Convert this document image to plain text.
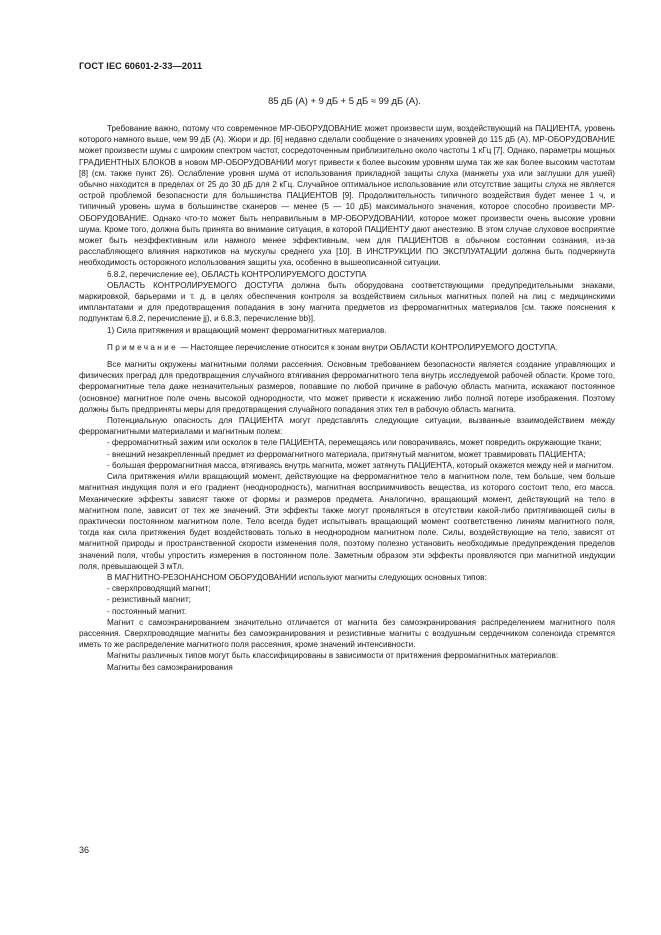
ГОСТ IEC 60601-2-33—2011
85 дБ (A) + 9 дБ + 5 дБ ≈ 99 дБ (A).

Требование важно, потому что современное МР-ОБОРУДОВАНИЕ может произвести шум, воздействующий на ПАЦИЕНТА, уровень которого намного выше, чем 99 дБ (А). Жюри и др. [6] недавно сделали сообщение о значениях уровней до 115 дБ (А). МР-ОБОРУДОВАНИЕ может произвести шумы с широким спектром частот, сосредоточенным приблизительно около частоты 1 кГц [7]. Однако, параметры мощных ГРАДИЕНТНЫХ БЛОКОВ в новом МР-ОБОРУДОВАНИИ могут привести к более высоким уровням шума так же как более высоким частотам [8] (см. также пункт 26). Ослабление уровня шума от использования прикладной защиты слуха (манжеты уха или заглушки для ушей) обычно находится в пределах от 25 до 30 дБ для 2 кГц. Случайное оптимальное использование или отсутствие защиты слуха не является острой проблемой безопасности для большинства ПАЦИЕНТОВ [9]. Продолжительность типичного воздействия будет менее 1 ч, и типичный уровень шума в большинстве сканеров — менее (5 — 10 дБ) максимального значения, которое способно произвести МР-ОБОРУДОВАНИЕ. Однако что-то может быть неправильным в МР-ОБОРУДОВАНИИ, которое может произвести очень высокие уровни шума. Кроме того, должна быть принята во внимание ситуация, в которой ПАЦИЕНТУ дают анестезию. В этом случае слуховое восприятие может быть неэффективным или намного менее эффективным, чем для ПАЦИЕНТОВ в обычном состоянии сознания, из-за расслабляющего влияния наркотиков на мускулы среднего уха [10]. В ИНСТРУКЦИИ ПО ЭКСПЛУАТАЦИИ должна быть подчеркнута необходимость осторожного использования защиты уха, особенно в вышеописанной ситуации.

6.8.2, перечисление ее), ОБЛАСТЬ КОНТРОЛИРУЕМОГО ДОСТУПА

ОБЛАСТЬ КОНТРОЛИРУЕМОГО ДОСТУПА должна быть оборудована соответствующими предупредительными знаками, маркировкой, барьерами и т. д. в целях обеспечения контроля за воздействием сильных магнитных полей на лиц с медицинскими имплантатами и для предотвращения попадания в зону магнита предметов из ферромагнитных материалов [см. также пояснения к подпунктам 6.8.2, перечисление jj), и 6.8.3, перечисление bb)].

1) Сила притяжения и вращающий момент ферромагнитных материалов.

Примечание — Настоящее перечисление относится к зонам внутри ОБЛАСТИ КОНТРОЛИРУЕМОГО ДОСТУПА.

Все магниты окружены магнитными полями рассеяния. Основным требованием безопасности является создание управляющих и физических преград для предотвращения случайного втягивания ферромагнитного тела внутрь исследуемой рабочей области. Кроме того, ферромагнитные тела даже незначительных размеров, попавшие по любой причине в рабочую область магнита, искажают постоянное (основное) магнитное поле очень высокой однородности, что может привести к искажению либо полной потере изображения. Поэтому должны быть предприняты меры для предотвращения случайного попадания этих тел в рабочую область магнита.

Потенциальную опасность для ПАЦИЕНТА могут представлять следующие ситуации, вызванные взаимодействием между ферромагнитными материалами и магнитным полем:

- ферромагнитный зажим или осколок в теле ПАЦИЕНТА, перемещаясь или поворачиваясь, может повредить окружающие ткани;

- внешний незакрепленный предмет из ферромагнитного материала, притянутый магнитом, может травмировать ПАЦИЕНТА;

- большая ферромагнитная масса, втягиваясь внутрь магнита, может затянуть ПАЦИЕНТА, который окажется между ней и магнитом.

Сила притяжения и/или вращающий момент, действующие на ферромагнитное тело в магнитном поле, тем больше, чем больше магнитная индукция поля и его градиент (неоднородность), магнитная восприимчивость вещества, из которого состоит тело, его масса. Механические эффекты зависят также от формы и размеров предмета. Аналогично, вращающий момент, действующий на тело в магнитном поле, зависит от тех же значений. Эти эффекты также могут проявляться в отсутствии какой-либо притягивающей силы в практически постоянном магнитном поле. Тело всегда будет испытывать вращающий момент соответственно линиям магнитного поля, тогда как сила притяжения будет воздействовать только в неоднородном магнитном поле. Силы, воздействующие на тело, зависят от магнитной природы и пространственной скорости изменения поля, поэтому полезно установить необходимые предупреждения пределов значений поля, чтобы упростить измерения в постоянном поле. Заметным образом эти эффекты проявляются при магнитной индукции поля, превышающей 3 мТл.

В МАГНИТНО-РЕЗОНАНСНОМ ОБОРУДОВАНИИ используют магниты следующих основных типов:

- сверхпроводящий магнит;

- резистивный магнит;

- постоянный магнит.

Магнит с самоэкранированием значительно отличается от магнита без самоэкранирования распределением магнитного поля рассеяния. Сверхпроводящие магниты без самоэкранирования и резистивные магниты с воздушным сердечником соленоида стремятся иметь то же распределение магнитного поля рассеяния, кроме значений интенсивности.

Магниты различных типов могут быть классифицированы в зависимости от притяжения ферромагнитных материалов:

Магниты без самоэкранирования

36
